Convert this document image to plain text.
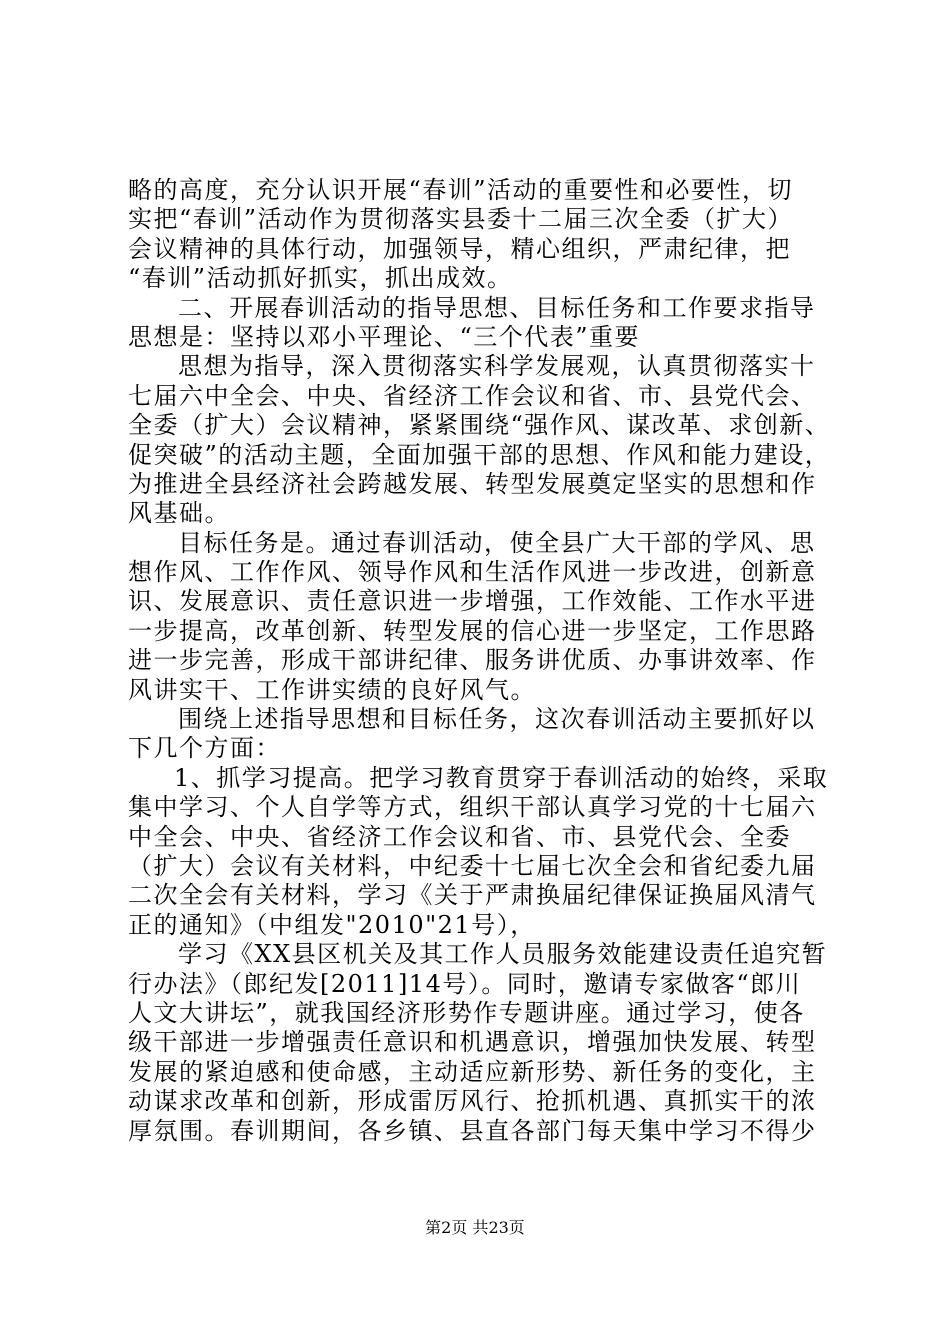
略的高度，充分认识开展“春训”活动的重要性和必要性，切
实把“春训”活动作为贯彻落实县委十二届三次全委（扩大）
会议精神的具体行动，加强领导，精心组织，严肃纪律，把
“春训”活动抓好抓实，抓出成效。
二、开展春训活动的指导思想、目标任务和工作要求指导
思想是：坚持以邓小平理论、“三个代表”重要
思想为指导，深入贯彻落实科学发展观，认真贯彻落实十
七届六中全会、中央、省经济工作会议和省、市、县党代会、
全委（扩大）会议精神，紧紧围绕“强作风、谋改革、求创新、
促突破”的活动主题，全面加强干部的思想、作风和能力建设，
为推进全县经济社会跨越发展、转型发展奠定坚实的思想和作
风基础。
目标任务是。通过春训活动，使全县广大干部的学风、思
想作风、工作作风、领导作风和生活作风进一步改进，创新意
识、发展意识、责任意识进一步增强，工作效能、工作水平进
一步提高，改革创新、转型发展的信心进一步坚定，工作思路
进一步完善，形成干部讲纪律、服务讲优质、办事讲效率、作
风讲实干、工作讲实绩的良好风气。
围绕上述指导思想和目标任务，这次春训活动主要抓好以
下几个方面：
1、抓学习提高。把学习教育贯穿于春训活动的始终，采取
集中学习、个人自学等方式，组织干部认真学习党的十七届六
中全会、中央、省经济工作会议和省、市、县党代会、全委
（扩大）会议有关材料，中纪委十七届七次全会和省纪委九届
二次全会有关材料，学习《关于严肃换届纪律保证换届风清气
正的通知》（中组发"2010"21号），
学习《XX县区机关及其工作人员服务效能建设责任追究暂
行办法》（郎纪发[2011]14号）。同时，邀请专家做客“郎川
人文大讲坛”，就我国经济形势作专题讲座。通过学习，使各
级干部进一步增强责任意识和机遇意识，增强加快发展、转型
发展的紧迫感和使命感，主动适应新形势、新任务的变化，主
动谋求改革和创新，形成雷厉风行、抢抓机遇、真抓实干的浓
厚氛围。春训期间，各乡镇、县直各部门每天集中学习不得少
第2页 共23页
